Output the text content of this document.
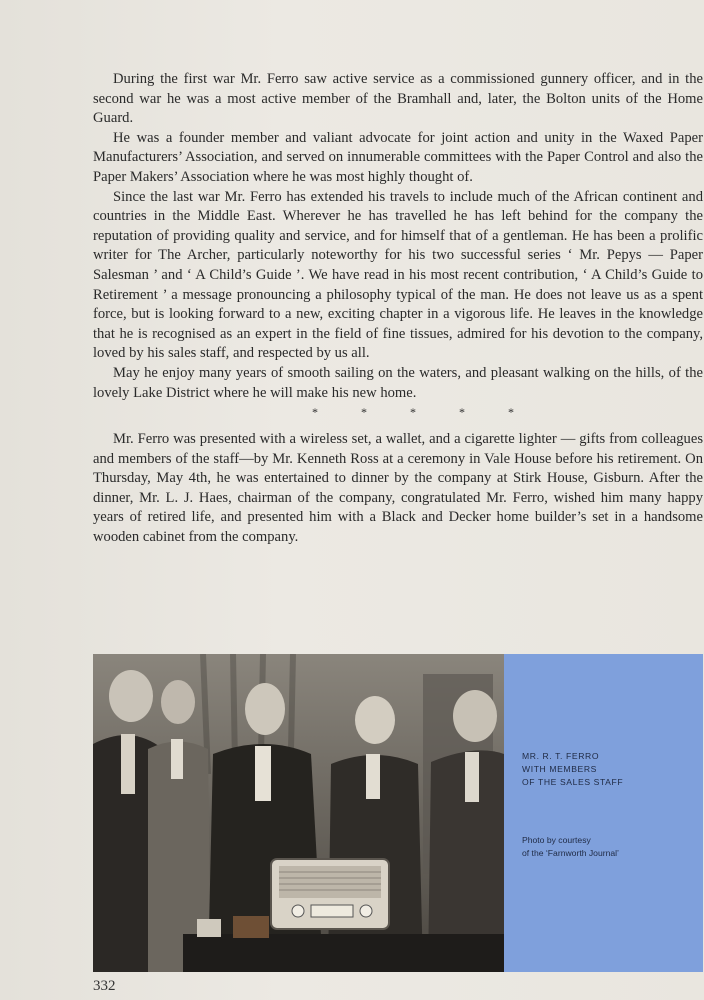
During the first war Mr. Ferro saw active service as a commissioned gunnery officer, and in the second war he was a most active member of the Bramhall and, later, the Bolton units of the Home Guard.

He was a founder member and valiant advocate for joint action and unity in the Waxed Paper Manufacturers’ Association, and served on innumerable committees with the Paper Control and also the Paper Makers’ Association where he was most highly thought of.

Since the last war Mr. Ferro has extended his travels to include much of the African continent and countries in the Middle East. Wherever he has travelled he has left behind for the company the reputation of providing quality and service, and for himself that of a gentleman. He has been a prolific writer for The Archer, particularly noteworthy for his two successful series ‘ Mr. Pepys — Paper Salesman ’ and ‘ A Child’s Guide ’. We have read in his most recent contribution, ‘ A Child’s Guide to Retirement ’ a message pronouncing a philosophy typical of the man. He does not leave us as a spent force, but is looking forward to a new, exciting chapter in a vigorous life. He leaves in the knowledge that he is recognised as an expert in the field of fine tissues, admired for his devotion to the company, loved by his sales staff, and respected by us all.

May he enjoy many years of smooth sailing on the waters, and pleasant walking on the hills, of the lovely Lake District where he will make his new home.

* * * * *

Mr. Ferro was presented with a wireless set, a wallet, and a cigarette lighter — gifts from colleagues and members of the staff—by Mr. Kenneth Ross at a ceremony in Vale House before his retirement. On Thursday, May 4th, he was entertained to dinner by the company at Stirk House, Gisburn. After the dinner, Mr. L. J. Haes, chairman of the company, congratulated Mr. Ferro, wished him many happy years of retired life, and presented him with a Black and Decker home builder’s set in a handsome wooden cabinet from the company.

MR. R. T. FERRO
WITH MEMBERS
OF THE SALES STAFF
Photo by courtesy
of the ‘Farnworth Journal’
332
